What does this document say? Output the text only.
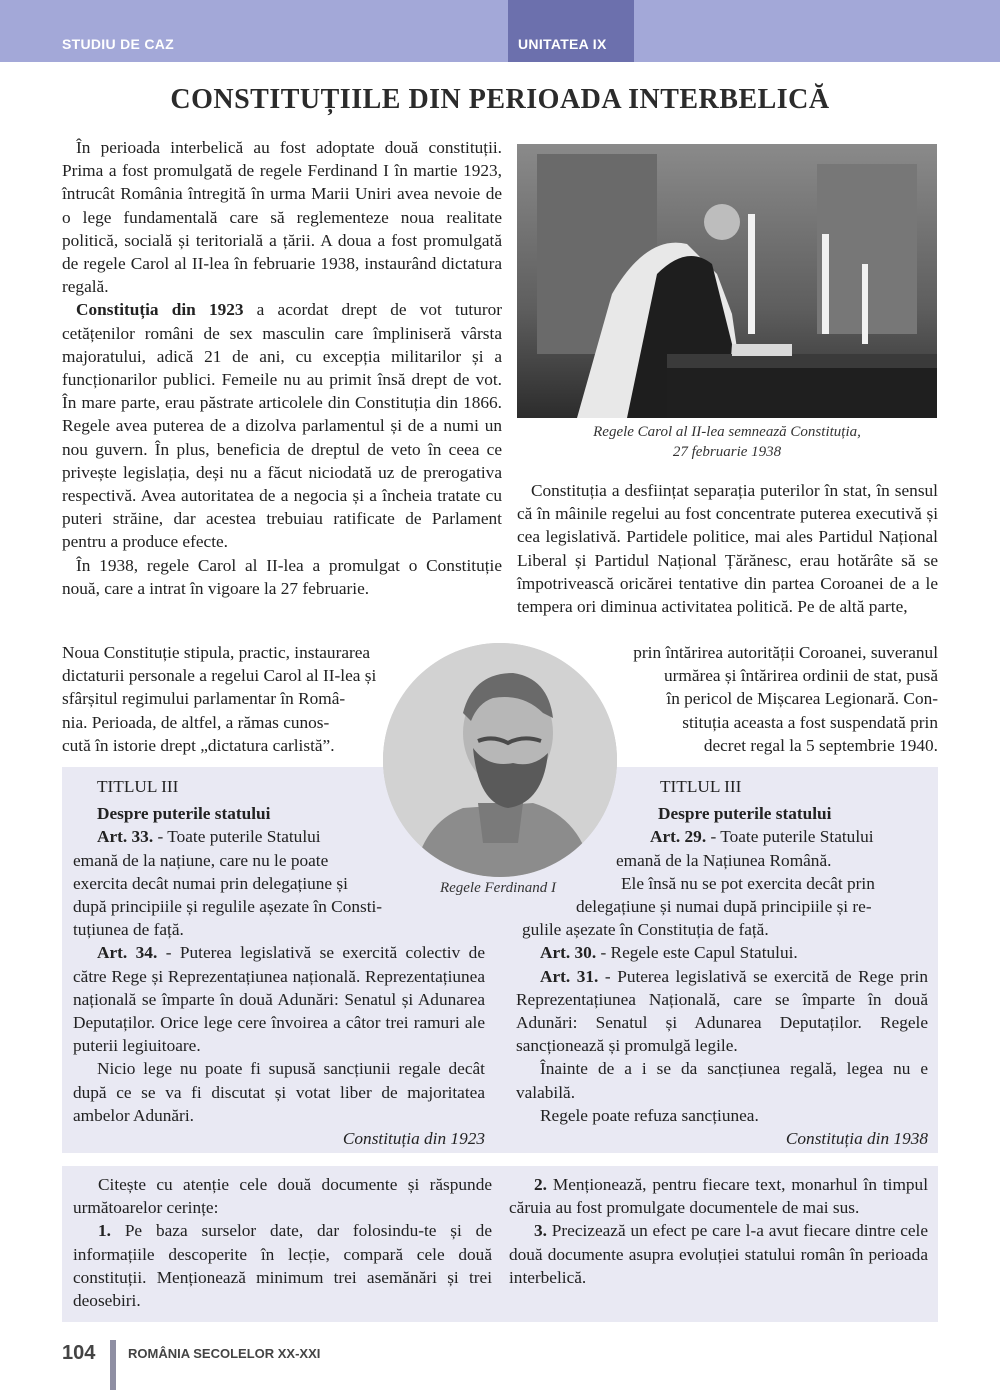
STUDIU DE CAZ	UNITATEA IX
CONSTITUȚIILE DIN PERIOADA INTERBELICĂ

În perioada interbelică au fost adoptate două constituții. Prima a fost promulgată de regele Ferdinand I în martie 1923, întrucât România întregită în urma Marii Uniri avea nevoie de o lege fundamentală care să reglementeze noua realitate politică, socială și teritorială a țării. A doua a fost promulgată de regele Carol al II-lea în februarie 1938, instaurând dictatura regală.

Constituția din 1923 a acordat drept de vot tuturor cetățenilor români de sex masculin care împliniseră vârsta majoratului, adică 21 de ani, cu excepția militarilor și a funcționarilor publici. Femeile nu au primit însă drept de vot. În mare parte, erau păstrate articolele din Constituția din 1866. Regele avea puterea de a dizolva parlamentul și de a numi un nou guvern. În plus, beneficia de dreptul de veto în ceea ce privește legislația, deși nu a făcut niciodată uz de prerogativa respectivă. Avea autoritatea de a negocia și a încheia tratate cu puteri străine, dar acestea trebuiau ratificate de Parlament pentru a produce efecte.

În 1938, regele Carol al II-lea a promulgat o Constituție nouă, care a intrat în vigoare la 27 februarie.

Noua Constituție stipula, practic, instaurarea
dictaturii personale a regelui Carol al II-lea și
sfârșitul regimului parlamentar în Româ-
nia. Perioada, de altfel, a rămas cunos-
cută în istorie drept „dictatura carlistă”.
Regele Carol al II-lea semnează Constituția,
27 februarie 1938

Constituția a desființat separația puterilor în stat, în sensul că în mâinile regelui au fost concentrate puterea executivă și cea legislativă. Partidele politice, mai ales Partidul Național Liberal și Partidul Național Țărănesc, erau hotărâte să se împotrivească oricărei tentative din partea Coroanei de a le tempera ori diminua activitatea politică. Pe de altă parte,

prin întărirea autorității Coroanei, suveranul
urmărea și întărirea ordinii de stat, pusă
în pericol de Mișcarea Legionară. Con-
stituția aceasta a fost suspendată prin
decret regal la 5 septembrie 1940.
Regele Ferdinand I
TITLUL III
Despre puterile statului
Art. 33. - Toate puterile Statului
emană de la națiune, care nu le poate
exercita decât numai prin delegațiune și
după principiile și regulile așezate în Consti-
tuțiunea de față.

Art. 34. - Puterea legislativă se exercită colectiv de către Rege și Reprezentațiunea națională. Reprezentațiunea națională se împarte în două Adunări: Senatul și Adunarea Deputaților. Orice lege cere învoirea a câtor trei ramuri ale puterii legiuitoare.

Nicio lege nu poate fi supusă sancțiunii regale decât după ce se va fi discutat și votat liber de majoritatea ambelor Adunări.

Constituția din 1923
TITLUL III
Despre puterile statului
Art. 29. - Toate puterile Statului
emană de la Națiunea Română.
Ele însă nu se pot exercita decât prin
delegațiune și numai după principiile și re-
gulile așezate în Constituția de față.
Art. 30. - Regele este Capul Statului.

Art. 31. - Puterea legislativă se exercită de Rege prin Reprezentațiunea Națională, care se împarte în două Adunări: Senatul și Adunarea Deputaților. Regele sancționează și promulgă legile.

Înainte de a i se da sancțiunea regală, legea nu e valabilă.

Regele poate refuza sancțiunea.

Constituția din 1938

Citește cu atenție cele două documente și răspunde următoarelor cerințe:

1. Pe baza surselor date, dar folosindu-te și de informațiile descoperite în lecție, compară cele două constituții. Menționează minimum trei asemănări și trei deosebiri.

2. Menționează, pentru fiecare text, monarhul în timpul căruia au fost promulgate documentele de mai sus.

3. Precizează un efect pe care l-a avut fiecare dintre cele două documente asupra evoluției statului român în perioada interbelică.

104	ROMÂNIA SECOLELOR XX-XXI
